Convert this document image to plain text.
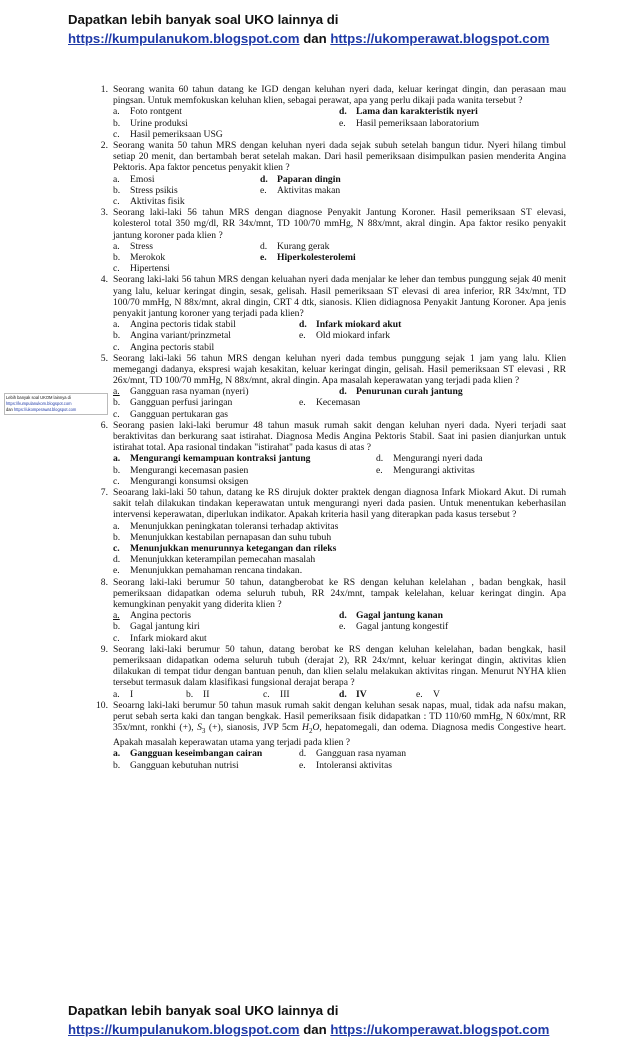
Dapatkan lebih banyak soal UKO lainnya di
https://kumpulanukom.blogspot.com dan https://ukomperawat.blogspot.com
Lebih banyak soal UKOM lainnya di
https://kumpulanukom.blogspot.com
dan https://ukomperawat.blogspot.com
1. Seorang wanita 60 tahun datang ke IGD dengan keluhan nyeri dada, keluar keringat dingin, dan perasaan mau pingsan. Untuk memfokuskan keluhan klien, sebagai perawat, apa yang perlu dikaji pada wanita tersebut ?
a.	Foto rontgent	d. Lama dan karakteristik nyeri
b.	Urine produksi	e.	Hasil pemeriksaan laboratorium
c.	Hasil pemeriksaan USG
2. Seorang wanita 50 tahun MRS dengan keluhan nyeri dada sejak subuh setelah bangun tidur. Nyeri hilang timbul setiap 20 menit, dan bertambah berat setelah makan. Dari hasil pemeriksaan disimpulkan pasien menderita Angina Pektoris. Apa faktor pencetus penyakit klien ?
a.	Emosi	d. Paparan dingin
b.	Stress psikis	e.	Aktivitas makan
c.	Aktivitas fisik
3. Seorang laki-laki 56 tahun MRS dengan diagnose Penyakit Jantung Koroner. Hasil pemeriksaan ST elevasi, kolesterol total 350 mg/dl, RR 34x/mnt, TD 100/70 mmHg, N 88x/mnt, akral dingin. Apa faktor resiko penyakit jantung koroner pada klien ?
a.	Stress	d.	Kurang gerak
b.	Merokok	e.	Hiperkolesterolemi
c.	Hipertensi
4. Seorang laki-laki 56 tahun MRS dengan keluahan nyeri dada menjalar ke leher dan tembus punggung sejak 40 menit yang lalu, keluar keringat dingin, sesak, gelisah. Hasil pemeriksaan ST elevasi di area inferior, RR 34x/mnt, TD 100/70 mmHg, N 88x/mnt, akral dingin, CRT 4 dtk, sianosis. Klien didiagnosa Penyakit Jantung Koroner. Apa jenis penyakit jantung koroner yang terjadi pada klien?
a.	Angina pectoris tidak stabil	d. Infark miokard akut
b.	Angina variant/prinzmetal	e.	Old miokard infark
c.	Angina pectoris stabil
5. Seorang laki-laki 56 tahun MRS dengan keluhan nyeri dada tembus punggung sejak 1 jam yang lalu. Klien memegangi dadanya, ekspresi wajah kesakitan, keluar keringat dingin, gelisah. Hasil pemeriksaan ST elevasi , RR 26x/mnt, TD 100/70 mmHg, N 88x/mnt, akral dingin. Apa masalah keperawatan yang terjadi pada klien ?
a.	Gangguan rasa nyaman (nyeri)	d. Penurunan curah jantung
b.	Gangguan perfusi jaringan	e.	Kecemasan
c.	Gangguan pertukaran gas
6. Seorang pasien laki-laki berumur 48 tahun masuk rumah sakit dengan keluhan nyeri dada. Nyeri terjadi saat beraktivitas dan berkurang saat istirahat. Diagnosa Medis Angina Pektoris Stabil. Saat ini pasien dianjurkan untuk istirahat total. Apa rasional tindakan "istirahat" pada kasus di atas ?
a.	Mengurangi kemampuan kontraksi jantung	d.	Mengurangi nyeri dada
b.	Mengurangi kecemasan pasien	e.	Mengurangi aktivitas
c.	Mengurangi konsumsi oksigen
7. Seoarang laki-laki 50 tahun, datang ke RS dirujuk dokter praktek dengan diagnosa Infark Miokard Akut. Di rumah sakit telah dilakukan tindakan keperawatan untuk mengurangi nyeri dada pasien. Untuk menentukan keberhasilan intervensi keperawatan, diperlukan indikator. Apakah kriteria hasil yang diterapkan pada kasus tersebut ?
a.	Menunjukkan peningkatan toleransi terhadap aktivitas
b.	Menunjukkan kestabilan pernapasan dan suhu tubuh
c.	Menunjukkan menurunnya ketegangan dan rileks
d.	Menunjukkan keterampilan pemecahan masalah
e.	Menunjukkan pemahaman rencana tindakan.
8. Seorang laki-laki berumur 50 tahun, datangberobat ke RS dengan keluhan kelelahan , badan bengkak, hasil pemeriksaan didapatkan odema seluruh tubuh, RR 24x/mnt, tampak kelelahan, keluar keringat dingin. Apa kemungkinan penyakit yang diderita klien ?
a.	Angina pectoris	d. Gagal jantung kanan
b.	Gagal jantung kiri	e.	Gagal jantung kongestif
c.	Infark miokard akut
9. Seorang laki-laki berumur 50 tahun, datang berobat ke RS dengan keluhan kelelahan, badan bengkak, hasil pemeriksaan didapatkan odema seluruh tubuh (derajat 2), RR 24x/mnt, keluar keringat dingin, aktivitas klien dilakukan di tempat tidur dengan bantuan penuh, dan klien selalu melakukan aktivitas ringan. Menurut NYHA klien tersebut termasuk dalam klasifikasi fungsional derajat berapa ?
a.	I	b.	II	c.	III	d. IV	e.	V
10. Seoarng laki-laki berumur 50 tahun masuk rumah sakit dengan keluhan sesak napas, mual, tidak ada nafsu makan, perut sebah serta kaki dan tangan bengkak. Hasil pemeriksaan fisik didapatkan : TD 110/60 mmHg, N 60x/mnt, RR 35x/mnt, ronkhi (+), $S_3$ (+), sianosis, JVP 5cm $H_2O$, hepatomegali, dan odema. Diagnosa medis Congestive heart. Apakah masalah keperawatan utama yang terjadi pada klien ?
a.	Gangguan keseimbangan cairan	d.	Gangguan rasa nyaman
b.	Gangguan kebutuhan nutrisi	e.	Intoleransi aktivitas
Dapatkan lebih banyak soal UKO lainnya di
https://kumpulanukom.blogspot.com dan https://ukomperawat.blogspot.com
